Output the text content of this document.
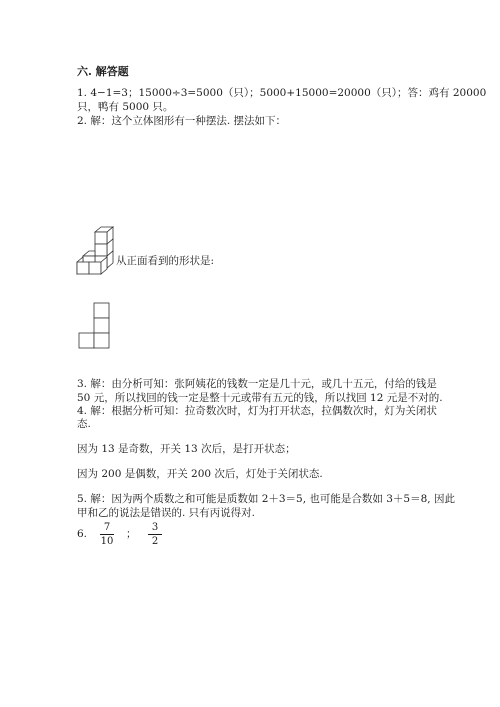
六. 解答题
1. 4−1=3；15000÷3=5000（只）；5000+15000=20000（只）；答：鸡有 20000
只，鸭有 5000 只。
2. 解：这个立体图形有一种摆法. 摆法如下：
从正面看到的形状是:
3. 解：由分析可知：张阿姨花的钱数一定是几十元，或几十五元，付给的钱是
50 元，所以找回的钱一定是整十元或带有五元的钱，所以找回 12 元是不对的.
4. 解：根据分析可知：拉奇数次时，灯为打开状态，拉偶数次时，灯为关闭状
态.
因为 13 是奇数，开关 13 次后，是打开状态；
因为 200 是偶数，开关 200 次后，灯处于关闭状态.
5. 解：因为两个质数之和可能是质数如 2＋3＝5, 也可能是合数如 3＋5＝8, 因此
甲和乙的说法是错误的. 只有丙说得对.
6.
7
10
；
3
2
